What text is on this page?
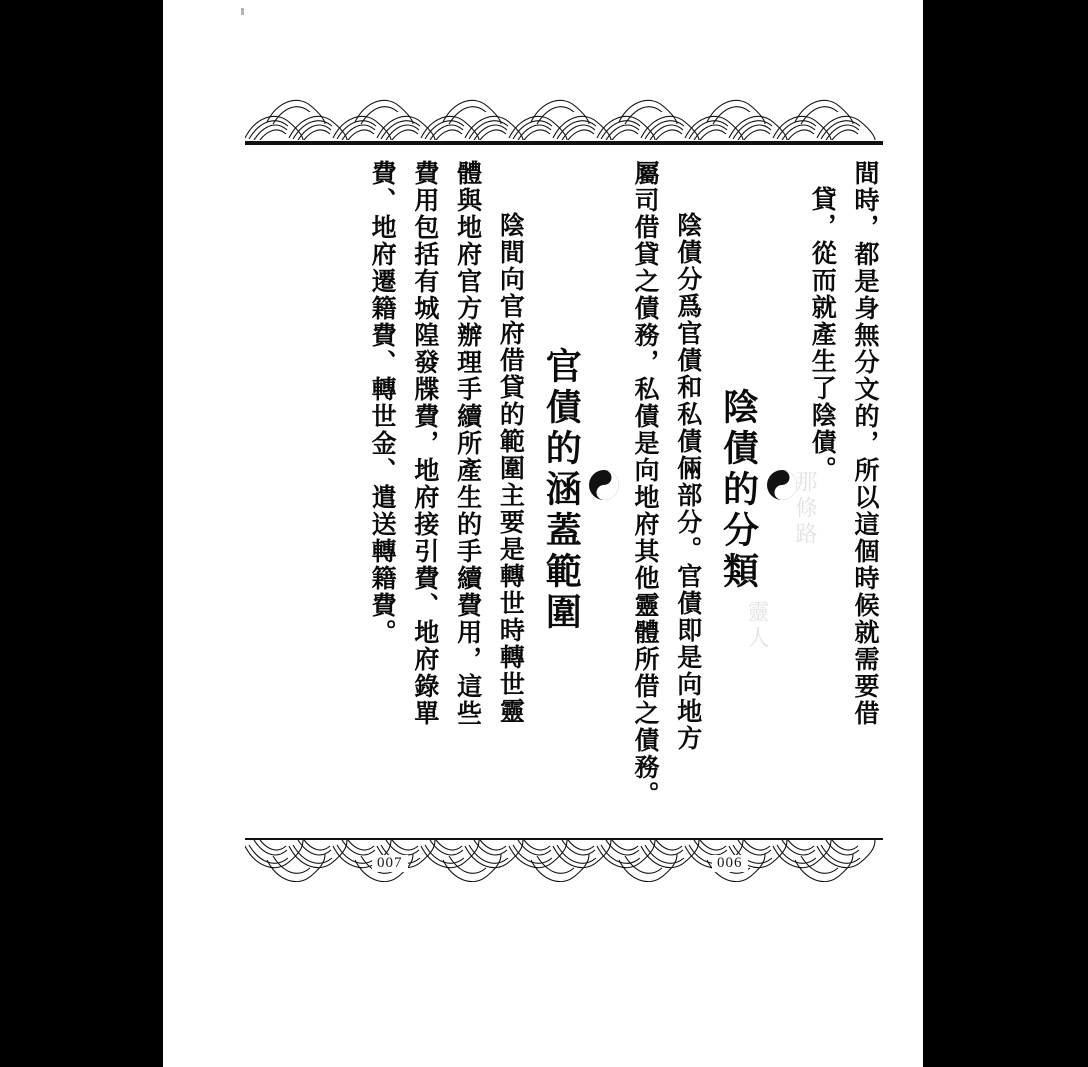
間時，都是身無分文的，所以這個時候就需要借
貸，從而就產生了陰債。
陰債的分類
陰債分爲官債和私債倆部分。官債即是向地方
屬司借貸之債務，私債是向地府其他靈體所借之債務。
官債的涵蓋範圍
陰間向官府借貸的範圍主要是轉世時轉世靈
體與地府官方辦理手續所產生的手續費用，這些
費用包括有城隍發牒費，地府接引費、地府錄單
費、地府遷籍費、轉世金、遣送轉籍費。	那條路
靈人
007	006
